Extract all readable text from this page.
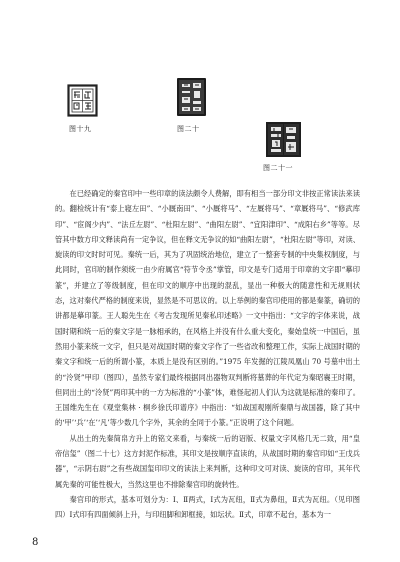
图十九	图二十
图二十一

在已经确定的秦官印中一些印章的读法颇令人费解，即有相当一部分印文非按正常读法来读的。翻检统计有“泰上寝左田”、“小厩南田”、“小厩将马”、“左厩将马”、“章厩将马”、“修武库印”、“宦阁少内”、“法丘左尉”、“杜阳左尉”、“曲阳左尉”、“宜阳津印”、“成阳右乡”等等。尽管其中数方印文释读尚有一定争议，但在释文无争议的如“曲阳左尉”，“杜阳左尉”等印，对读、旋读的印文时时可见。秦统一后，其为了巩固统治地位，建立了一整套专制的中央集权制度，与此同时，官印的制作须统一由少府属官“符节令丞”掌管，印文是专门适用于印章的文字即“摹印篆”，并建立了等级制度，但在印文的顺序中出现的混乱，显出一种极大的随意性和无规则状态，这对秦代严格的制度来说，显然是不可思议的。以上举例的秦官印使用的都是秦篆，确切的讲都是摹印篆。王人聪先生在《考古发现所见秦私印述略》一文中指出：“文字的字体来说，战国时期和统一后的秦文字是一脉相承的，在风格上并没有什么重大变化，秦始皇统一中国后，虽然用小篆来统一文字，但只是对战国时期的秦文字作了一些省改和整理工作，实际上战国时期的秦文字和统一后的所谓小篆，本质上是没有区别的。”1975 年发掘的江陵凤凰山 70 号墓中出土的“泠贤”甲印（图四），虽然专家们最终根据同出器物双判断将墓葬的年代定为秦昭襄王时期，但同出土的“泠贤”两印其中的一方为标准的“小篆”体，难怪起初人们认为这就是标准的秦印了。王国维先生在《观堂集林 · 桐乡徐氏印谱序》中指出：“如战国观刚所秦鼎与战国器，除了其中的‘甲’‘兵’‘在’‘凡’等少数几个字外，其余的全同于小篆。”正说明了这个问题。

从出土的先秦简帛方升上的铭文来看，与秦统一后的诏版、权量文字风格几无二致，用“皇帝信玺”（图二十七）这方封泥作标准，其印文是按顺序直读的，从战国时期的秦官印如“王戊兵器”，“示阴右尉”之有些战国玺印印文的读法上来判断，这种印文可对读、旋读的官印，其年代属先秦的可能性极大，当然这里也不排除秦官印的旋转性。

秦官印的形式，基本可划分为：Ⅰ、Ⅱ两式，Ⅰ式为瓦纽，Ⅱ式为鼻纽，Ⅱ式为瓦纽。（见印图四）Ⅰ式印有四面倾斜上升，与印纽脚和卸框接，如坛状。Ⅱ式，印章不起台，基本为一

8
